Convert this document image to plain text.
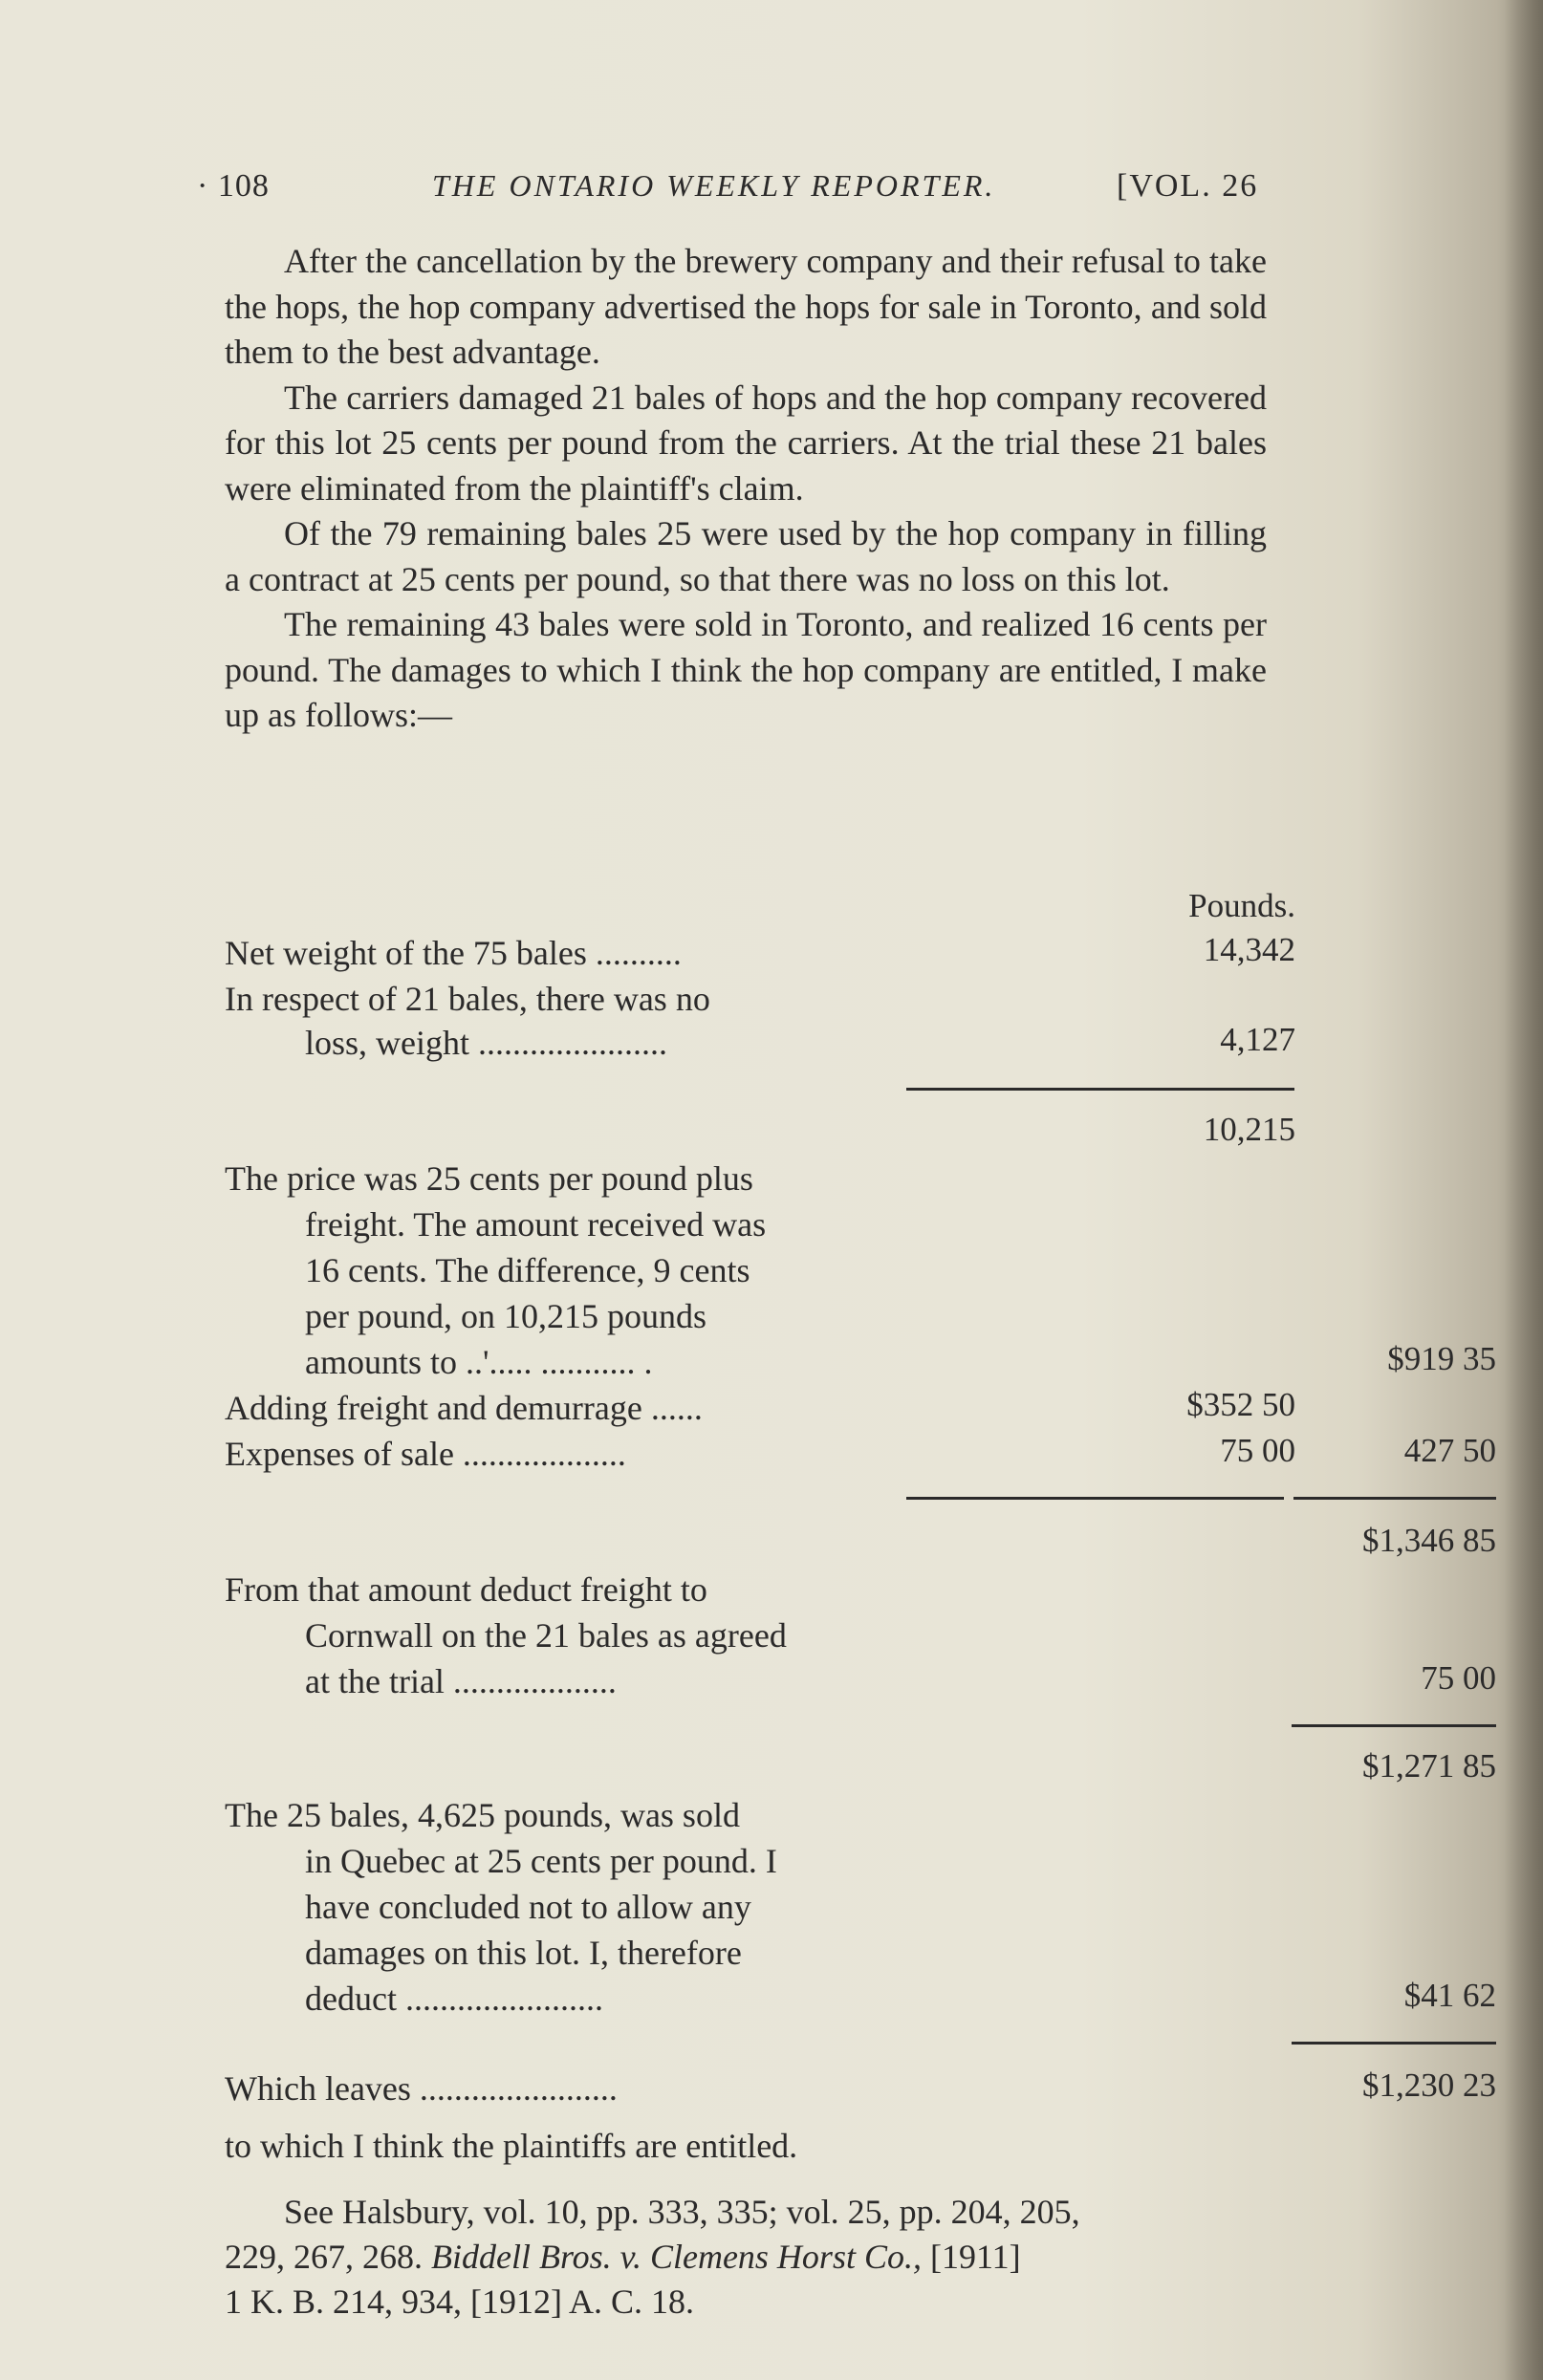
· 108	THE ONTARIO WEEKLY REPORTER.	[VOL. 26

After the cancellation by the brewery company and their refusal to take the hops, the hop company advertised the hops for sale in Toronto, and sold them to the best advantage.

The carriers damaged 21 bales of hops and the hop company recovered for this lot 25 cents per pound from the carriers. At the trial these 21 bales were eliminated from the plaintiff's claim.

Of the 79 remaining bales 25 were used by the hop company in filling a contract at 25 cents per pound, so that there was no loss on this lot.

The remaining 43 bales were sold in Toronto, and realized 16 cents per pound. The damages to which I think the hop company are entitled, I make up as follows:—

Pounds.
Net weight of the 75 bales ..........	14,342
In respect of 21 bales, there was no
loss, weight ......................	4,127
10,215
The price was 25 cents per pound plus
freight. The amount received was
16 cents. The difference, 9 cents
per pound, on 10,215 pounds
amounts to ..'..... ........... .	$919 35
Adding freight and demurrage ......	$352 50
Expenses of sale ...................	75 00	427 50
$1,346 85
From that amount deduct freight to
Cornwall on the 21 bales as agreed
at the trial ...................	75 00
$1,271 85
The 25 bales, 4,625 pounds, was sold
in Quebec at 25 cents per pound. I
have concluded not to allow any
damages on this lot. I, therefore
deduct .......................	$41 62
Which leaves .......................	$1,230 23
to which I think the plaintiffs are entitled.
See Halsbury, vol. 10, pp. 333, 335; vol. 25, pp. 204, 205,
229, 267, 268. Biddell Bros. v. Clemens Horst Co., [1911]
1 K. B. 214, 934, [1912] A. C. 18.
